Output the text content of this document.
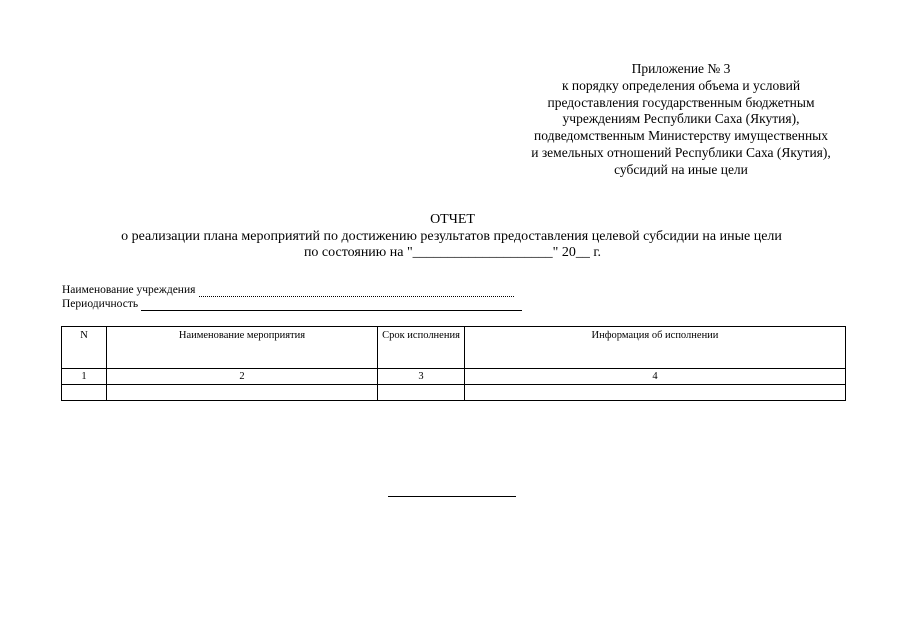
Приложение № 3
к порядку определения объема и условий
предоставления государственным бюджетным
учреждениям Республики Саха (Якутия),
подведомственным Министерству имущественных
и земельных отношений Республики Саха (Якутия),
субсидий на иные цели
ОТЧЕТ
о реализации плана мероприятий по достижению результатов предоставления целевой субсидии на иные цели
по состоянию на "____________________" 20__ г.
Наименование учреждения
Периодичность
N	Наименование мероприятия	Срок исполнения	Информация об исполнении
1	2	3	4
